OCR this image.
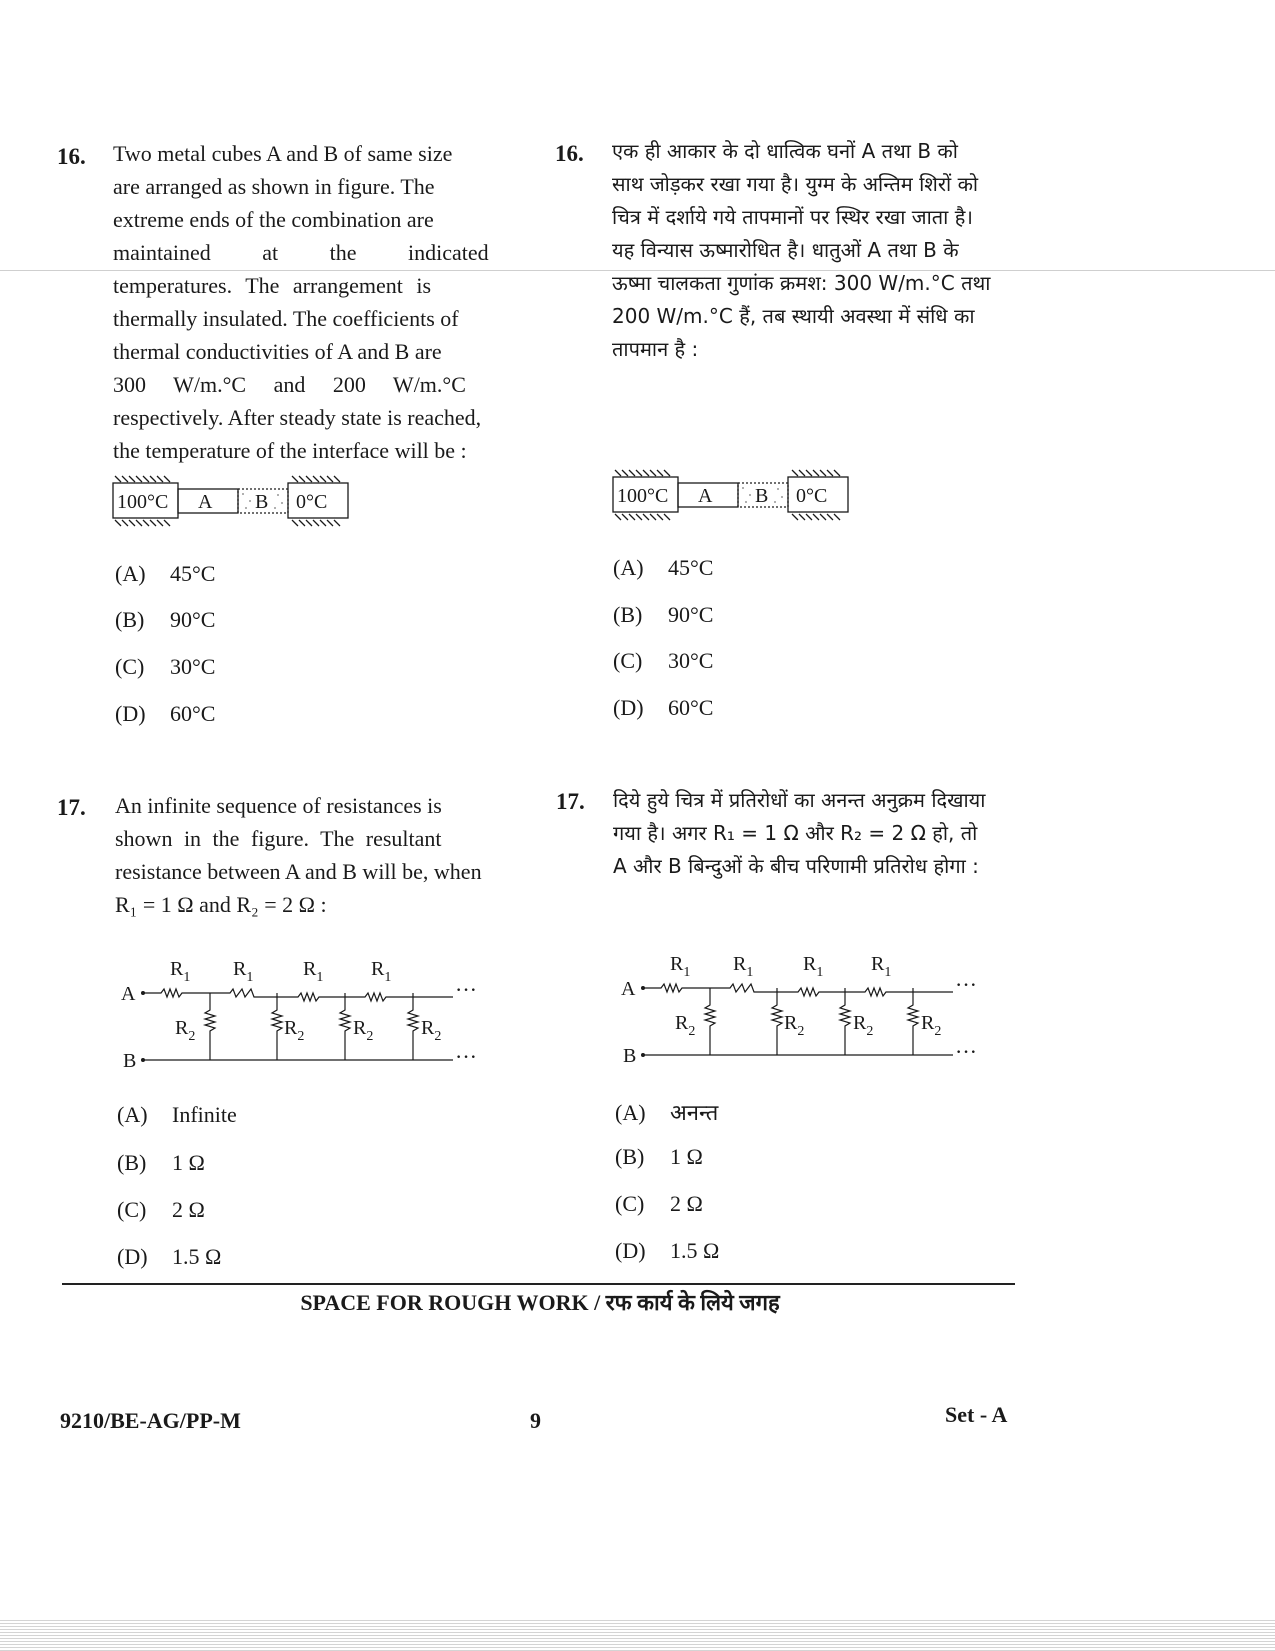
16. Two metal cubes A and B of same size
are arranged as shown in figure. The
extreme ends of the combination are
maintained at the indicated
temperatures. The arrangement is
thermally insulated. The coefficients of
thermal conductivities of A and B are
300 W/m.°C and 200 W/m.°C
respectively. After steady state is reached,
the temperature of the interface will be :
16. एक ही आकार के दो धात्विक घनों A तथा B को
साथ जोड़कर रखा गया है। युग्म के अन्तिम शिरों को
चित्र में दर्शाये गये तापमानों पर स्थिर रखा जाता है।
यह विन्यास ऊष्मारोधित है। धातुओं A तथा B के
ऊष्मा चालकता गुणांक क्रमश: 300 W/m.°C तथा
200 W/m.°C हैं, तब स्थायी अवस्था में संधि का
तापमान है :
100°C A B 0°C	100°C A B 0°C
(A) 45°C
(B) 90°C
(C) 30°C
(D) 60°C
(A) 45°C
(B) 90°C
(C) 30°C
(D) 60°C
17. An infinite sequence of resistances is
shown in the figure. The resultant
resistance between A and B will be, when
R₁ = 1 Ω and R₂ = 2 Ω :
17. दिये हुये चित्र में प्रतिरोधों का अनन्त अनुक्रम दिखाया
गया है। अगर R₁ = 1 Ω और R₂ = 2 Ω हो, तो
A और B बिन्दुओं के बीच परिणामी प्रतिरोध होगा :
A
B
···
···
$R_1$ $R_1$ $R_1$ $R_1$
$R_2$	$R_2$ $R_2$ $R_2$
A
B
···
···
$R_1$ $R_1$ $R_1$ $R_1$
$R_2$	$R_2$ $R_2$ $R_2$
(A) Infinite
(B) 1 Ω
(C) 2 Ω
(D) 1.5 Ω
(A) अनन्त
(B) 1 Ω
(C) 2 Ω
(D) 1.5 Ω
SPACE FOR ROUGH WORK / रफ कार्य के लिये जगह
9210/BE-AG/PP-M	9	Set - A
